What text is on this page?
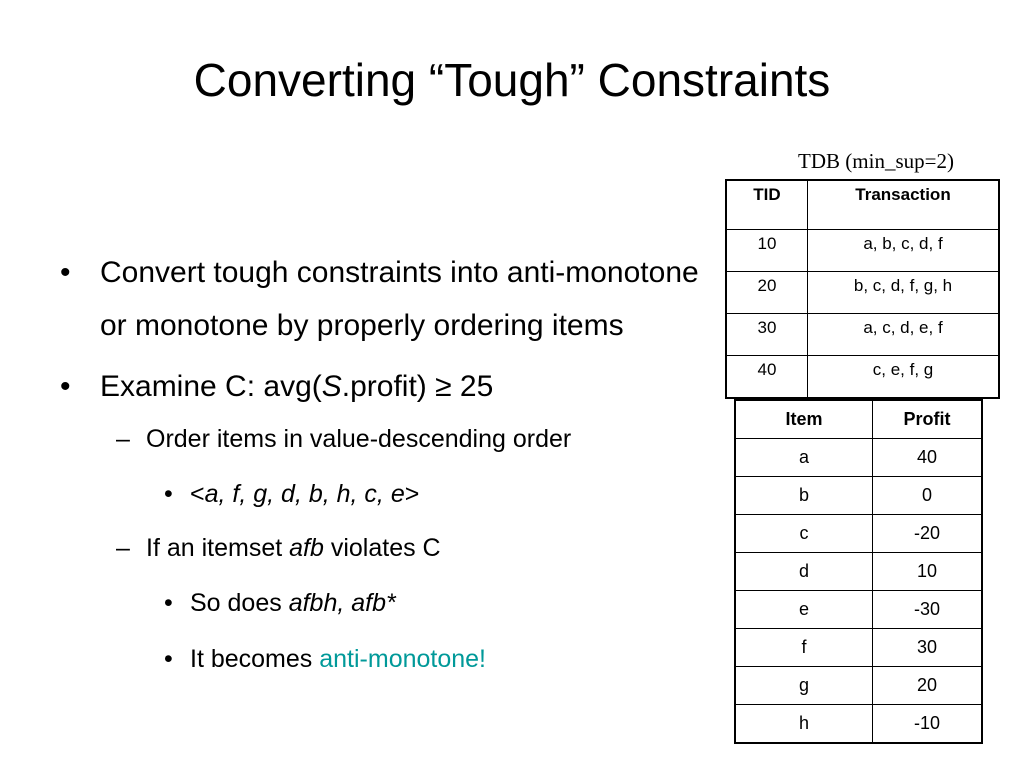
Converting “Tough” Constraints
TDB (min_sup=2)
TID	Transaction
10	a, b, c, d, f
20	b, c, d, f, g, h
30	a, c, d, e, f
40	c, e, f, g
Item	Profit
a	40
b	0
c	-20
d	10
e	-30
f	30
g	20
h	-10
• Convert tough constraints into anti-monotone or monotone by properly ordering items
• Examine C: avg(S.profit) ≥ 25
– Order items in value-descending order
• <a, f, g, d, b, h, c, e>
– If an itemset afb violates C
• So does afbh, afb*
• It becomes anti-monotone!
